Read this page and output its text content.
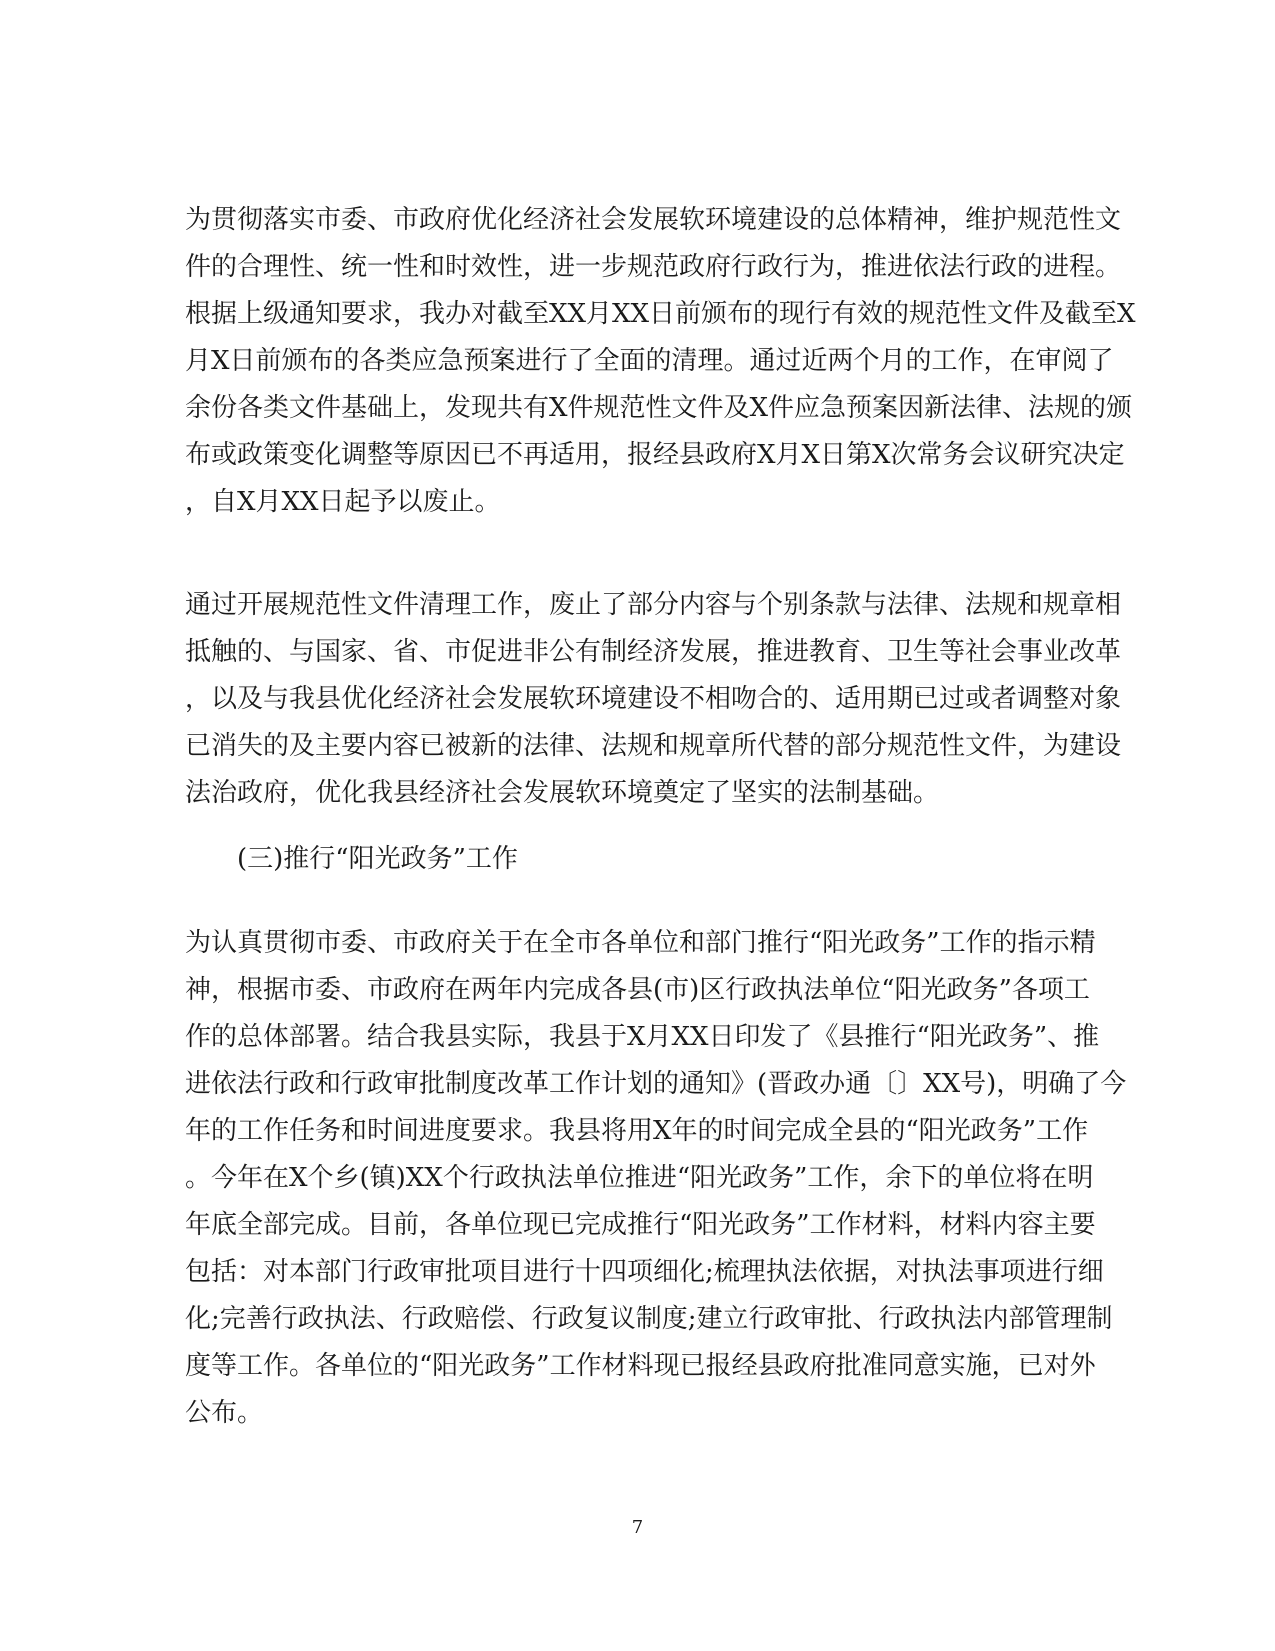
为贯彻落实市委、市政府优化经济社会发展软环境建设的总体精神，维护规范性文
件的合理性、统一性和时效性，进一步规范政府行政行为，推进依法行政的进程。
根据上级通知要求，我办对截至XX月XX日前颁布的现行有效的规范性文件及截至X
月X日前颁布的各类应急预案进行了全面的清理。通过近两个月的工作，在审阅了
余份各类文件基础上，发现共有X件规范性文件及X件应急预案因新法律、法规的颁
布或政策变化调整等原因已不再适用，报经县政府X月X日第X次常务会议研究决定
，自X月XX日起予以废止。
通过开展规范性文件清理工作，废止了部分内容与个别条款与法律、法规和规章相
抵触的、与国家、省、市促进非公有制经济发展，推进教育、卫生等社会事业改革
，以及与我县优化经济社会发展软环境建设不相吻合的、适用期已过或者调整对象
已消失的及主要内容已被新的法律、法规和规章所代替的部分规范性文件，为建设
法治政府，优化我县经济社会发展软环境奠定了坚实的法制基础。
(三)推行“阳光政务”工作
为认真贯彻市委、市政府关于在全市各单位和部门推行“阳光政务”工作的指示精
神，根据市委、市政府在两年内完成各县(市)区行政执法单位“阳光政务”各项工
作的总体部署。结合我县实际，我县于X月XX日印发了《县推行“阳光政务”、推
进依法行政和行政审批制度改革工作计划的通知》(晋政办通〔〕XX号)，明确了今
年的工作任务和时间进度要求。我县将用X年的时间完成全县的“阳光政务”工作
。今年在X个乡(镇)XX个行政执法单位推进“阳光政务”工作，余下的单位将在明
年底全部完成。目前，各单位现已完成推行“阳光政务”工作材料，材料内容主要
包括：对本部门行政审批项目进行十四项细化;梳理执法依据，对执法事项进行细
化;完善行政执法、行政赔偿、行政复议制度;建立行政审批、行政执法内部管理制
度等工作。各单位的“阳光政务”工作材料现已报经县政府批准同意实施，已对外
公布。
7
